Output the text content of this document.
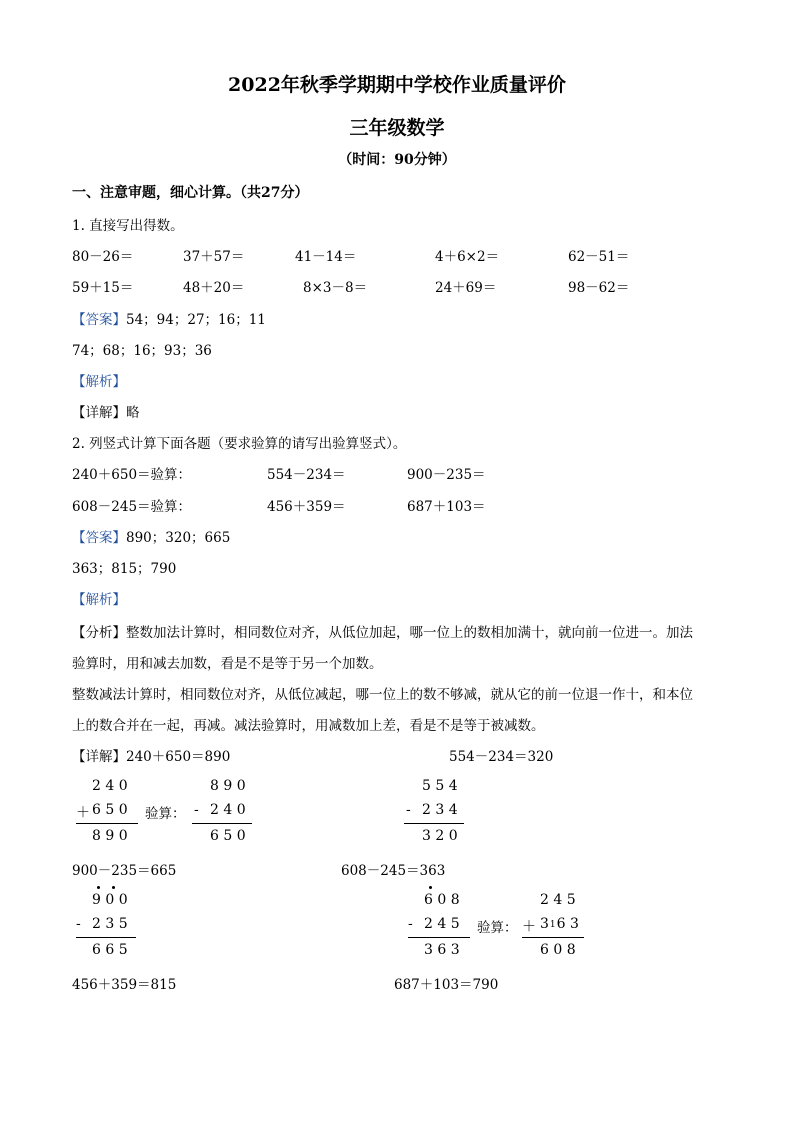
2022年秋季学期期中学校作业质量评价
三年级数学
（时间：90分钟）
一、注意审题，细心计算。（共27分）
1. 直接写出得数。
80－26＝	37＋57＝	41－14＝	4＋6×2＝	62－51＝
59＋15＝	48＋20＝	8×3－8＝	24＋69＝	98－62＝
【答案】54；94；27；16；11
74；68；16；93；36
【解析】
【详解】略
2. 列竖式计算下面各题（要求验算的请写出验算竖式）。
240＋650＝验算：	554－234＝	900－235＝
608－245＝验算：	456＋359＝	687＋103＝
【答案】890；320；665
363；815；790
【解析】
【分析】整数加法计算时，相同数位对齐，从低位加起，哪一位上的数相加满十，就向前一位进一。加法
验算时，用和减去加数，看是不是等于另一个加数。
整数减法计算时，相同数位对齐，从低位减起，哪一位上的数不够减，就从它的前一位退一作十，和本位
上的数合并在一起，再减。减法验算时，用减数加上差，看是不是等于被减数。
【详解】240＋650＝890	554－234＝320
2 4 0
＋ 6 5 0
8 9 0
验算：
8 9 0
- 2 4 0
6 5 0
5 5 4
- 2 3 4
3 2 0
900－235＝665	608－245＝363
9 0 0
- 2 3 5
6 6 5
6 0 8
- 2 4 5
3 6 3
验算：
2 4 5
＋ 316 3
6 0 8
456＋359＝815	687＋103＝790
